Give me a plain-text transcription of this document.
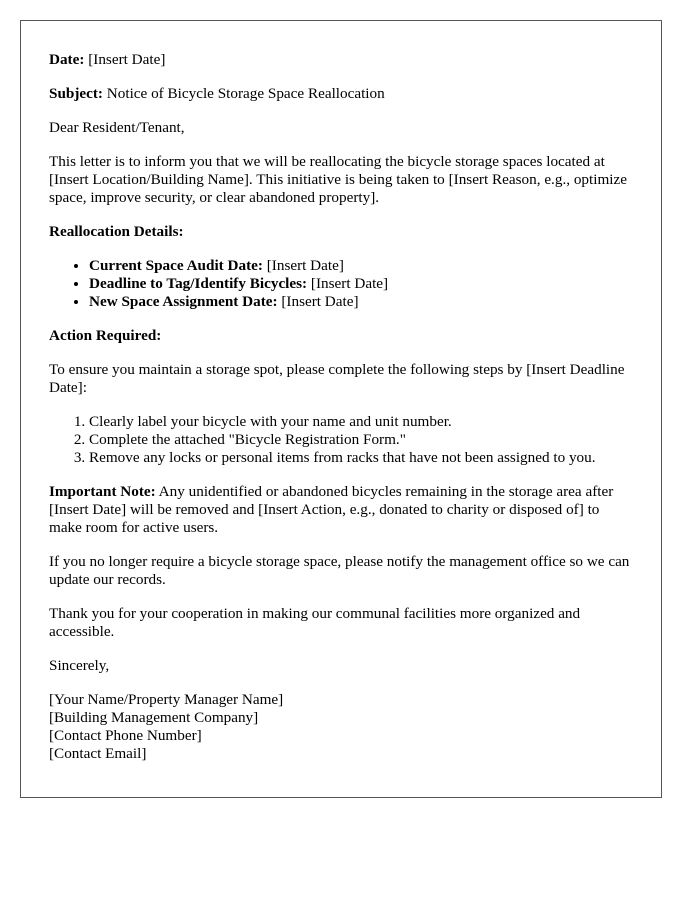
Date: [Insert Date]

Subject: Notice of Bicycle Storage Space Reallocation

Dear Resident/Tenant,

This letter is to inform you that we will be reallocating the bicycle storage spaces located at [Insert Location/Building Name]. This initiative is being taken to [Insert Reason, e.g., optimize space, improve security, or clear abandoned property].

Reallocation Details:

• Current Space Audit Date: [Insert Date]
• Deadline to Tag/Identify Bicycles: [Insert Date]
• New Space Assignment Date: [Insert Date]

Action Required:

To ensure you maintain a storage spot, please complete the following steps by [Insert Deadline Date]:

1. Clearly label your bicycle with your name and unit number.
2. Complete the attached "Bicycle Registration Form."
3. Remove any locks or personal items from racks that have not been assigned to you.

Important Note: Any unidentified or abandoned bicycles remaining in the storage area after [Insert Date] will be removed and [Insert Action, e.g., donated to charity or disposed of] to make room for active users.

If you no longer require a bicycle storage space, please notify the management office so we can update our records.

Thank you for your cooperation in making our communal facilities more organized and accessible.

Sincerely,

[Your Name/Property Manager Name]
[Building Management Company]
[Contact Phone Number]
[Contact Email]
